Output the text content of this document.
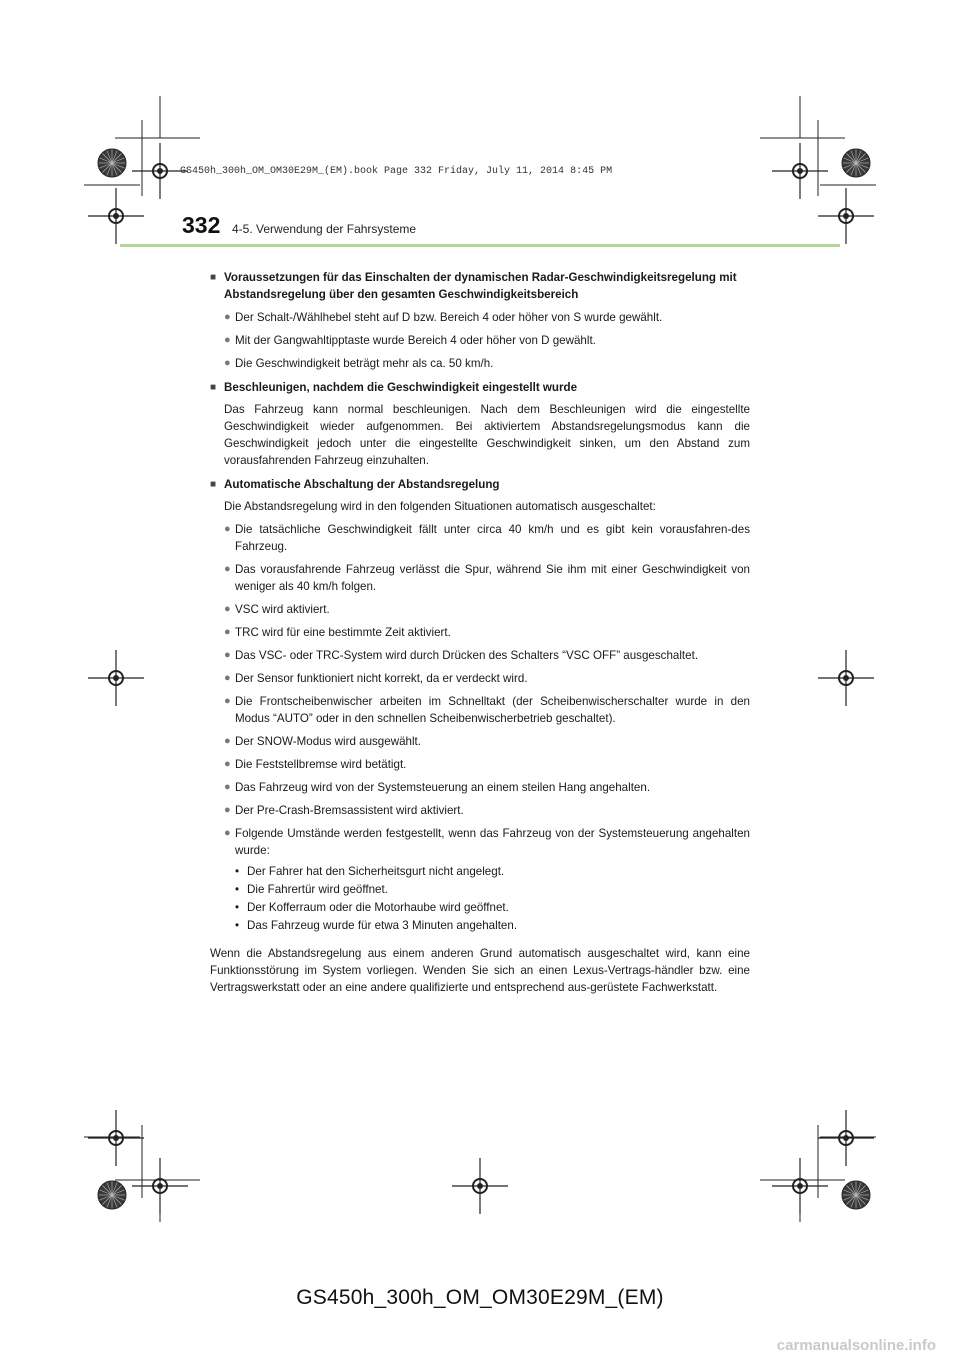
GS450h_300h_OM_OM30E29M_(EM).book Page 332 Friday, July 11, 2014 8:45 PM
332 4-5. Verwendung der Fahrsysteme
■ Voraussetzungen für das Einschalten der dynamischen Radar-Geschwindigkeitsregelung mit Abstandsregelung über den gesamten Geschwindigkeitsbereich
● Der Schalt-/Wählhebel steht auf D bzw. Bereich 4 oder höher von S wurde gewählt.
● Mit der Gangwahltipptaste wurde Bereich 4 oder höher von D gewählt.
● Die Geschwindigkeit beträgt mehr als ca. 50 km/h.
■ Beschleunigen, nachdem die Geschwindigkeit eingestellt wurde
Das Fahrzeug kann normal beschleunigen. Nach dem Beschleunigen wird die eingestellte Geschwindigkeit wieder aufgenommen. Bei aktiviertem Abstandsregelungsmodus kann die Geschwindigkeit jedoch unter die eingestellte Geschwindigkeit sinken, um den Abstand zum vorausfahrenden Fahrzeug einzuhalten.
■ Automatische Abschaltung der Abstandsregelung
Die Abstandsregelung wird in den folgenden Situationen automatisch ausgeschaltet:
● Die tatsächliche Geschwindigkeit fällt unter circa 40 km/h und es gibt kein vorausfahren-des Fahrzeug.
● Das vorausfahrende Fahrzeug verlässt die Spur, während Sie ihm mit einer Geschwindigkeit von weniger als 40 km/h folgen.
● VSC wird aktiviert.
● TRC wird für eine bestimmte Zeit aktiviert.
● Das VSC- oder TRC-System wird durch Drücken des Schalters “VSC OFF” ausgeschaltet.
● Der Sensor funktioniert nicht korrekt, da er verdeckt wird.
● Die Frontscheibenwischer arbeiten im Schnelltakt (der Scheibenwischerschalter wurde in den Modus “AUTO” oder in den schnellen Scheibenwischerbetrieb geschaltet).
● Der SNOW-Modus wird ausgewählt.
● Die Feststellbremse wird betätigt.
● Das Fahrzeug wird von der Systemsteuerung an einem steilen Hang angehalten.
● Der Pre-Crash-Bremsassistent wird aktiviert.
● Folgende Umstände werden festgestellt, wenn das Fahrzeug von der Systemsteuerung angehalten wurde:
• Der Fahrer hat den Sicherheitsgurt nicht angelegt.
• Die Fahrertür wird geöffnet.
• Der Kofferraum oder die Motorhaube wird geöffnet.
• Das Fahrzeug wurde für etwa 3 Minuten angehalten.
Wenn die Abstandsregelung aus einem anderen Grund automatisch ausgeschaltet wird, kann eine Funktionsstörung im System vorliegen. Wenden Sie sich an einen Lexus-Vertrags-händler bzw. eine Vertragswerkstatt oder an eine andere qualifizierte und entsprechend aus-gerüstete Fachwerkstatt.
GS450h_300h_OM_OM30E29M_(EM)
carmanualsonline.info
